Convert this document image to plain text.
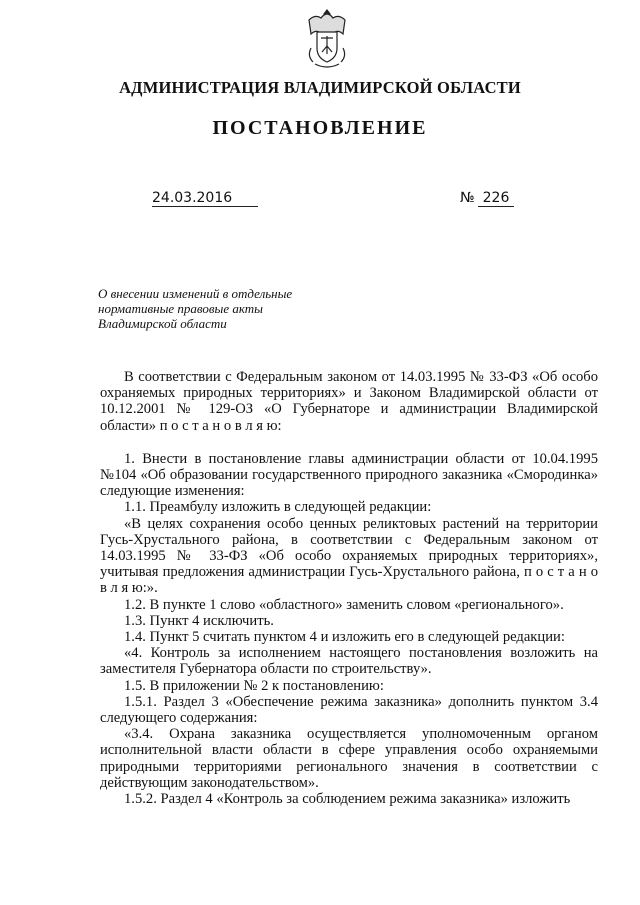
АДМИНИСТРАЦИЯ ВЛАДИМИРСКОЙ ОБЛАСТИ
ПОСТАНОВЛЕНИЕ
24.03.2016	№ 226
О внесении изменений в отдельные
нормативные правовые акты
Владимирской области

В соответствии с Федеральным законом от 14.03.1995 № 33-ФЗ «Об особо охраняемых природных территориях» и Законом Владимирской области от 10.12.2001 № 129-ОЗ «О Губернаторе и администрации Владимирской области» п о с т а н о в л я ю:

1. Внести в постановление главы администрации области от 10.04.1995 №104 «Об образовании государственного природного заказника «Смородинка» следующие изменения:

1.1. Преамбулу изложить в следующей редакции:

«В целях сохранения особо ценных реликтовых растений на территории Гусь-Хрустального района, в соответствии с Федеральным законом от 14.03.1995 № 33-ФЗ «Об особо охраняемых природных территориях», учитывая предложения администрации Гусь-Хрустального района, п о с т а н о в л я ю:».

1.2. В пункте 1 слово «областного» заменить словом «регионального».

1.3. Пункт 4 исключить.

1.4. Пункт 5 считать пунктом 4 и изложить его в следующей редакции:

«4. Контроль за исполнением настоящего постановления возложить на заместителя Губернатора области по строительству».

1.5. В приложении № 2 к постановлению:

1.5.1. Раздел 3 «Обеспечение режима заказника» дополнить пунктом 3.4 следующего содержания:

«3.4. Охрана заказника осуществляется уполномоченным органом исполнительной власти области в сфере управления особо охраняемыми природными территориями регионального значения в соответствии с действующим законодательством».

1.5.2. Раздел 4 «Контроль за соблюдением режима заказника» изложить
